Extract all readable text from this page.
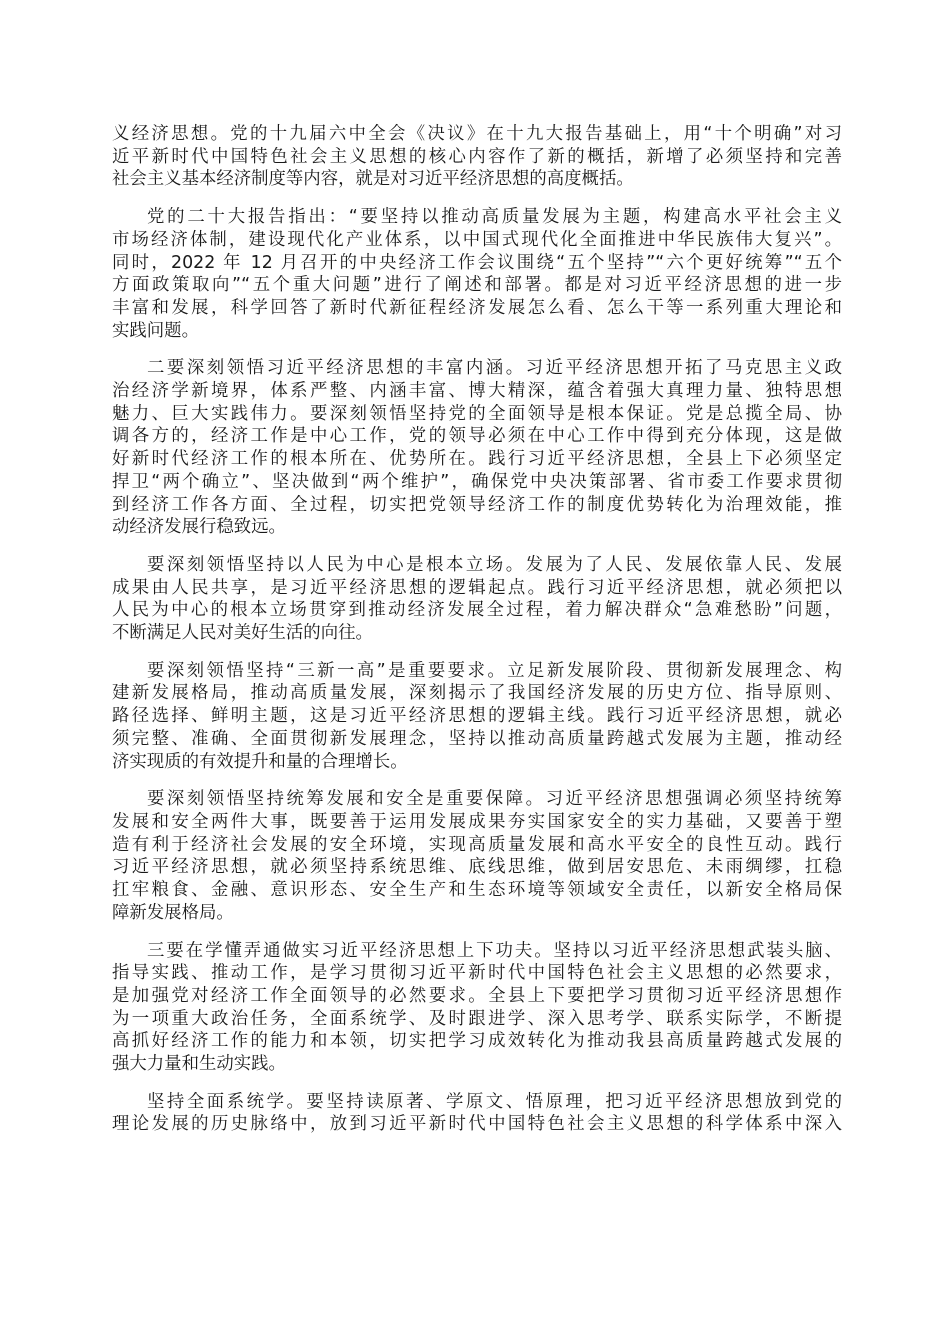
义经济思想。党的十九届六中全会《决议》在十九大报告基础上，用“十个明确”对习
近平新时代中国特色社会主义思想的核心内容作了新的概括，新增了必须坚持和完善
社会主义基本经济制度等内容，就是对习近平经济思想的高度概括。
党的二十大报告指出：“要坚持以推动高质量发展为主题，构建高水平社会主义
市场经济体制，建设现代化产业体系，以中国式现代化全面推进中华民族伟大复兴”。
同时，2022 年 12 月召开的中央经济工作会议围绕“五个坚持”“六个更好统筹”“五个
方面政策取向”“五个重大问题”进行了阐述和部署。都是对习近平经济思想的进一步
丰富和发展，科学回答了新时代新征程经济发展怎么看、怎么干等一系列重大理论和
实践问题。
二要深刻领悟习近平经济思想的丰富内涵。习近平经济思想开拓了马克思主义政
治经济学新境界，体系严整、内涵丰富、博大精深，蕴含着强大真理力量、独特思想
魅力、巨大实践伟力。要深刻领悟坚持党的全面领导是根本保证。党是总揽全局、协
调各方的，经济工作是中心工作，党的领导必须在中心工作中得到充分体现，这是做
好新时代经济工作的根本所在、优势所在。践行习近平经济思想，全县上下必须坚定
捍卫“两个确立”、坚决做到“两个维护”，确保党中央决策部署、省市委工作要求贯彻
到经济工作各方面、全过程，切实把党领导经济工作的制度优势转化为治理效能，推
动经济发展行稳致远。
要深刻领悟坚持以人民为中心是根本立场。发展为了人民、发展依靠人民、发展
成果由人民共享，是习近平经济思想的逻辑起点。践行习近平经济思想，就必须把以
人民为中心的根本立场贯穿到推动经济发展全过程，着力解决群众“急难愁盼”问题，
不断满足人民对美好生活的向往。
要深刻领悟坚持“三新一高”是重要要求。立足新发展阶段、贯彻新发展理念、构
建新发展格局，推动高质量发展，深刻揭示了我国经济发展的历史方位、指导原则、
路径选择、鲜明主题，这是习近平经济思想的逻辑主线。践行习近平经济思想，就必
须完整、准确、全面贯彻新发展理念，坚持以推动高质量跨越式发展为主题，推动经
济实现质的有效提升和量的合理增长。
要深刻领悟坚持统筹发展和安全是重要保障。习近平经济思想强调必须坚持统筹
发展和安全两件大事，既要善于运用发展成果夯实国家安全的实力基础，又要善于塑
造有利于经济社会发展的安全环境，实现高质量发展和高水平安全的良性互动。践行
习近平经济思想，就必须坚持系统思维、底线思维，做到居安思危、未雨绸缪，扛稳
扛牢粮食、金融、意识形态、安全生产和生态环境等领域安全责任，以新安全格局保
障新发展格局。
三要在学懂弄通做实习近平经济思想上下功夫。坚持以习近平经济思想武装头脑、
指导实践、推动工作，是学习贯彻习近平新时代中国特色社会主义思想的必然要求，
是加强党对经济工作全面领导的必然要求。全县上下要把学习贯彻习近平经济思想作
为一项重大政治任务，全面系统学、及时跟进学、深入思考学、联系实际学，不断提
高抓好经济工作的能力和本领，切实把学习成效转化为推动我县高质量跨越式发展的
强大力量和生动实践。
坚持全面系统学。要坚持读原著、学原文、悟原理，把习近平经济思想放到党的
理论发展的历史脉络中，放到习近平新时代中国特色社会主义思想的科学体系中深入
